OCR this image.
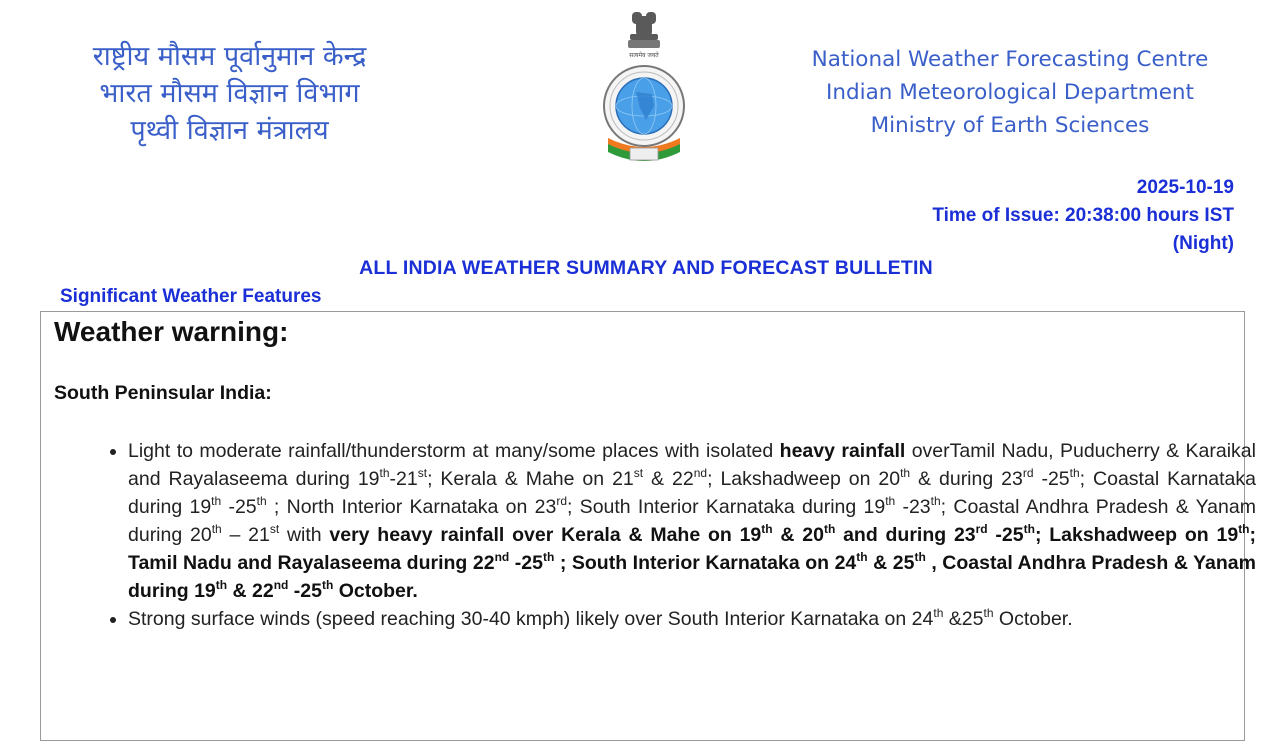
राष्ट्रीय मौसम पूर्वानुमान केन्द्र
भारत मौसम विज्ञान विभाग
पृथ्वी विज्ञान मंत्रालय
सत्यमेव जयते	National Weather Forecasting Centre
Indian Meteorological Department
Ministry of Earth Sciences
2025-10-19
Time of Issue: 20:38:00 hours IST
(Night)
ALL INDIA WEATHER SUMMARY AND FORECAST BULLETIN
Significant Weather Features
Weather warning:
South Peninsular India:
• Light to moderate rainfall/thunderstorm at many/some places with isolated heavy rainfall overTamil Nadu, Puducherry & Karaikal and Rayalaseema during 19th-21st; Kerala & Mahe on 21st & 22nd; Lakshadweep on 20th & during 23rd -25th; Coastal Karnataka during 19th -25th ; North Interior Karnataka on 23rd; South Interior Karnataka during 19th -23th; Coastal Andhra Pradesh & Yanam during 20th – 21st with very heavy rainfall over Kerala & Mahe on 19th & 20th and during 23rd -25th; Lakshadweep on 19th; Tamil Nadu and Rayalaseema during 22nd -25th ; South Interior Karnataka on 24th & 25th , Coastal Andhra Pradesh & Yanam during 19th & 22nd -25th October.
• Strong surface winds (speed reaching 30-40 kmph) likely over South Interior Karnataka on 24th &25th October.
